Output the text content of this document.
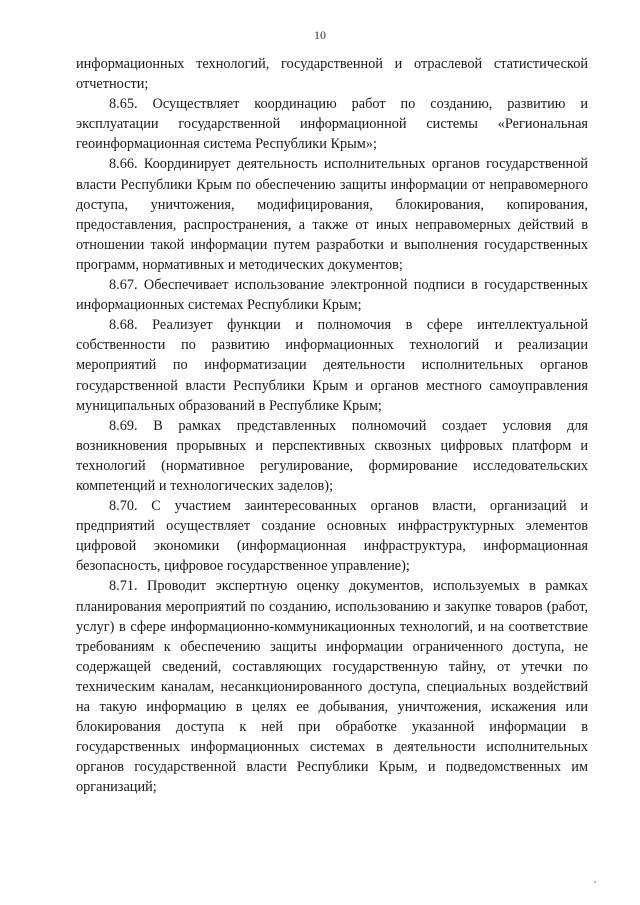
10

информационных технологий, государственной и отраслевой статистической отчетности;

8.65. Осуществляет координацию работ по созданию, развитию и эксплуатации государственной информационной системы «Региональная геоинформационная система Республики Крым»;

8.66. Координирует деятельность исполнительных органов государственной власти Республики Крым по обеспечению защиты информации от неправомерного доступа, уничтожения, модифицирования, блокирования, копирования, предоставления, распространения, а также от иных неправомерных действий в отношении такой информации путем разработки и выполнения государственных программ, нормативных и методических документов;

8.67. Обеспечивает использование электронной подписи в государственных информационных системах Республики Крым;

8.68. Реализует функции и полномочия в сфере интеллектуальной собственности по развитию информационных технологий и реализации мероприятий по информатизации деятельности исполнительных органов государственной власти Республики Крым и органов местного самоуправления муниципальных образований в Республике Крым;

8.69. В рамках представленных полномочий создает условия для возникновения прорывных и перспективных сквозных цифровых платформ и технологий (нормативное регулирование, формирование исследовательских компетенций и технологических заделов);

8.70. С участием заинтересованных органов власти, организаций и предприятий осуществляет создание основных инфраструктурных элементов цифровой экономики (информационная инфраструктура, информационная безопасность, цифровое государственное управление);

8.71. Проводит экспертную оценку документов, используемых в рамках планирования мероприятий по созданию, использованию и закупке товаров (работ, услуг) в сфере информационно-коммуникационных технологий, и на соответствие требованиям к обеспечению защиты информации ограниченного доступа, не содержащей сведений, составляющих государственную тайну, от утечки по техническим каналам, несанкционированного доступа, специальных воздействий на такую информацию в целях ее добывания, уничтожения, искажения или блокирования доступа к ней при обработке указанной информации в государственных информационных системах в деятельности исполнительных органов государственной власти Республики Крым, и подведомственных им организаций;
